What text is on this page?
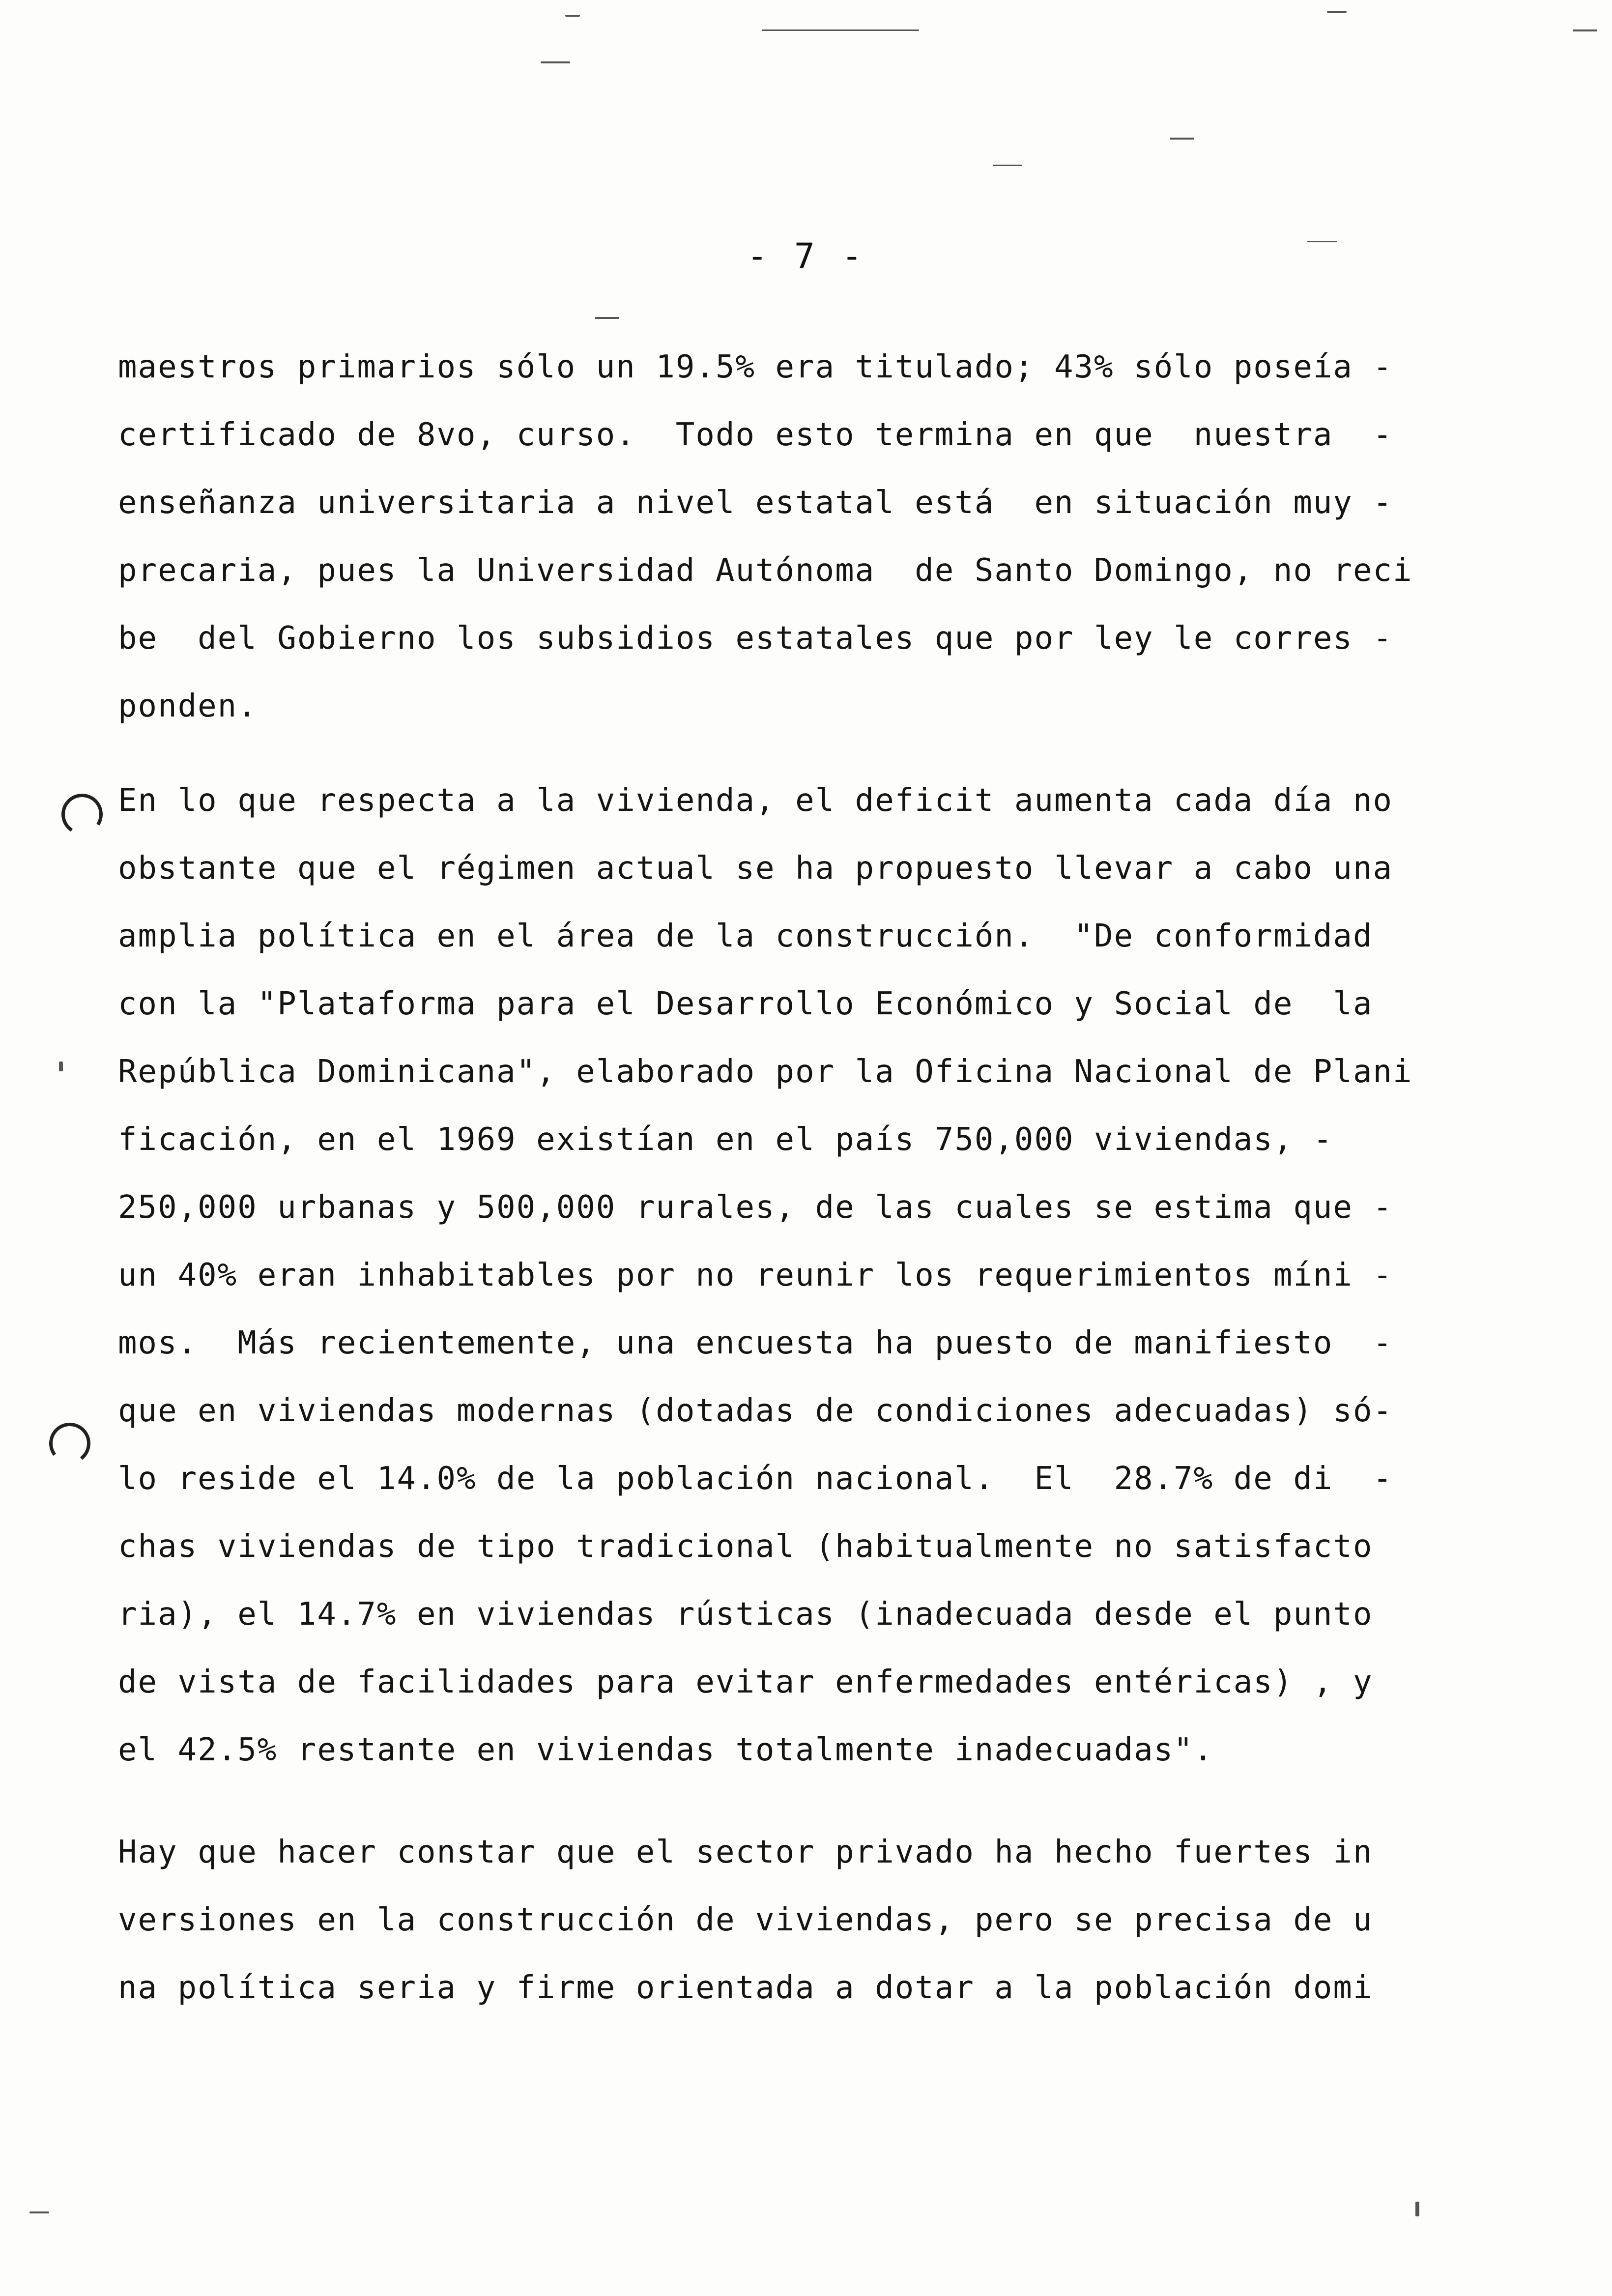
- 7 -
maestros primarios sólo un 19.5% era titulado; 43% sólo poseía -
certificado de 8vo, curso.  Todo esto termina en que  nuestra  -
enseñanza universitaria a nivel estatal está  en situación muy -
precaria, pues la Universidad Autónoma  de Santo Domingo, no reci
be  del Gobierno los subsidios estatales que por ley le corres -
ponden.
En lo que respecta a la vivienda, el deficit aumenta cada día no
obstante que el régimen actual se ha propuesto llevar a cabo una
amplia política en el área de la construcción.  "De conformidad
con la "Plataforma para el Desarrollo Económico y Social de  la
República Dominicana", elaborado por la Oficina Nacional de Plani
ficación, en el 1969 existían en el país 750,000 viviendas, -
250,000 urbanas y 500,000 rurales, de las cuales se estima que -
un 40% eran inhabitables por no reunir los requerimientos míni -
mos.  Más recientemente, una encuesta ha puesto de manifiesto  -
que en viviendas modernas (dotadas de condiciones adecuadas) só-
lo reside el 14.0% de la población nacional.  El  28.7% de di  -
chas viviendas de tipo tradicional (habitualmente no satisfacto
ria), el 14.7% en viviendas rústicas (inadecuada desde el punto
de vista de facilidades para evitar enfermedades entéricas) , y
el 42.5% restante en viviendas totalmente inadecuadas".
Hay que hacer constar que el sector privado ha hecho fuertes in
versiones en la construcción de viviendas, pero se precisa de u
na política seria y firme orientada a dotar a la población domi
